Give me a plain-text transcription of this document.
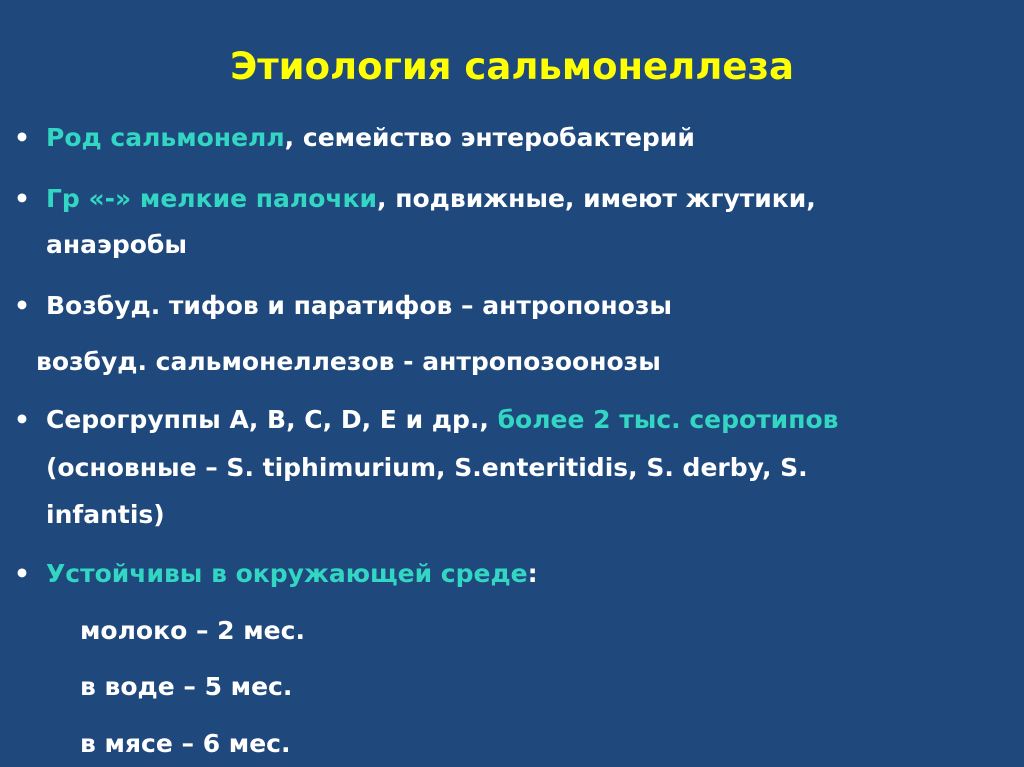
Этиология сальмонеллеза
• Род сальмонелл, семейство энтеробактерий
• Гр «-» мелкие палочки, подвижные, имеют жгутики,
анаэробы
• Возбуд. тифов и паратифов – антропонозы
возбуд. сальмонеллезов - антропозоонозы
• Серогруппы А, В, С, D, Е и др., более 2 тыс. серотипов
(основные – S. tiphimurium, S.enteritidis, S. derby, S.
infantis)
• Устойчивы в окружающей среде:
молоко – 2 мес.
в воде – 5 мес.
в мясе – 6 мес.
